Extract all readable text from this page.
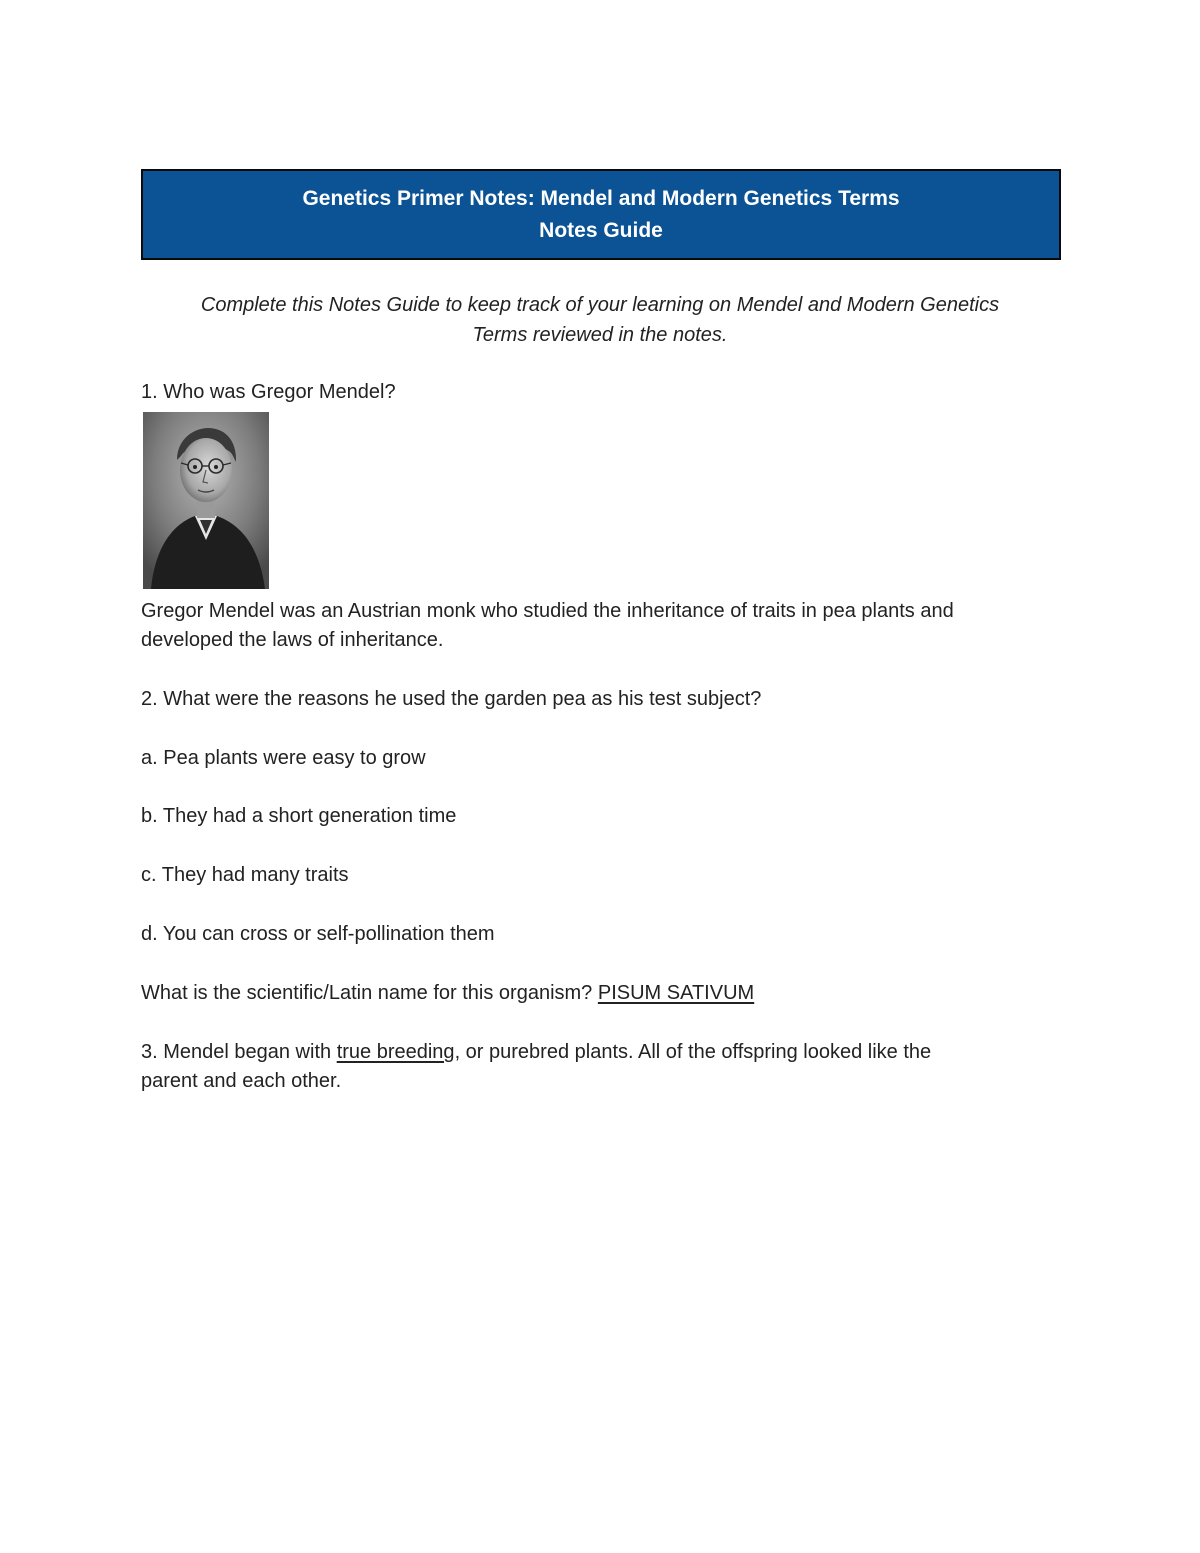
Genetics Primer Notes: Mendel and Modern Genetics Terms
Notes Guide
Complete this Notes Guide to keep track of your learning on Mendel and Modern Genetics
Terms reviewed in the notes.
1. Who was Gregor Mendel?
Gregor Mendel was an Austrian monk who studied the inheritance of traits in pea plants and
developed the laws of inheritance.
2. What were the reasons he used the garden pea as his test subject?
a. Pea plants were easy to grow
b. They had a short generation time
c. They had many traits
d. You can cross or self-pollination them
What is the scientific/Latin name for this organism? PISUM SATIVUM
3. Mendel began with true breeding, or purebred plants. All of the offspring looked like the
parent and each other.
